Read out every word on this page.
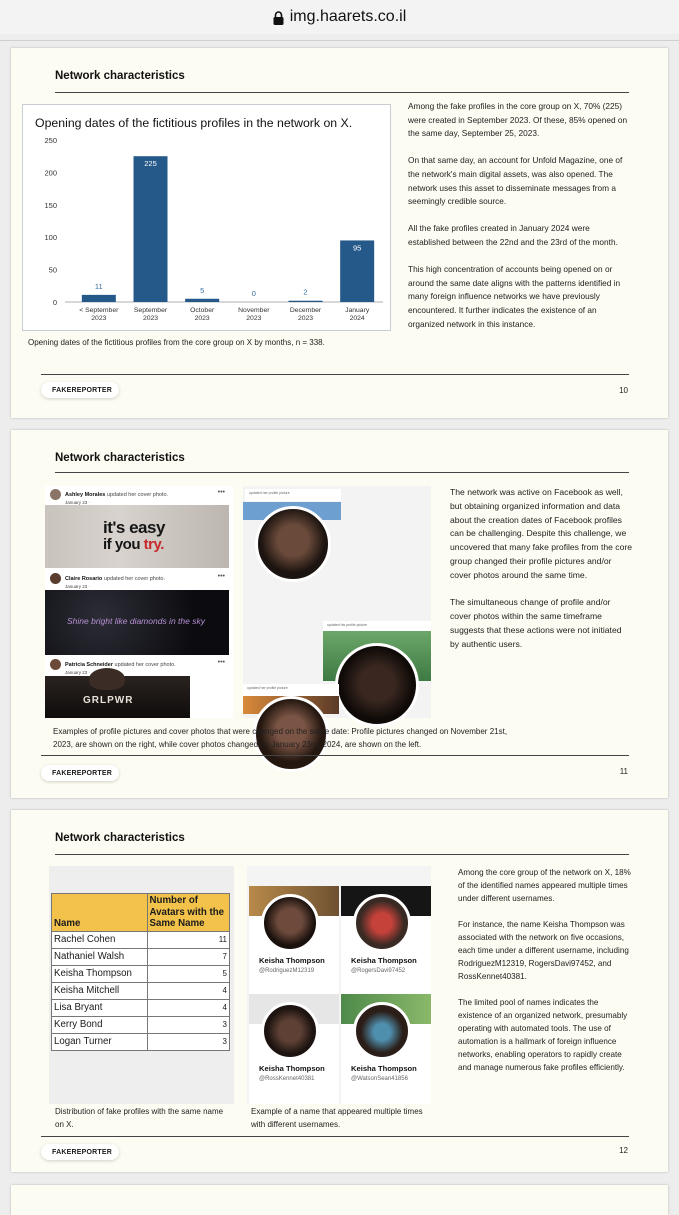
img.haarets.co.il
Network characteristics
Opening dates of the fictitious profiles in the network on X.
0
50
100
150
200
250
11
< September 2023
225
September 2023
5
October 2023
0
November 2023
2
December 2023
95
January 2024
Opening dates of the fictitious profiles from the core group on X by months, n = 338.

Among the fake profiles in the core group on X, 70% (225) were created in September 2023. Of these, 85% opened on the same day, September 25, 2023.

On that same day, an account for Unfold Magazine, one of the network's main digital assets, was also opened. The network uses this asset to disseminate messages from a seemingly credible source.

All the fake profiles created in January 2024 were established between the 22nd and the 23rd of the month.

This high concentration of accounts being opened on or around the same date aligns with the patterns identified in many foreign influence networks we have previously encountered. It further indicates the existence of an organized network in this instance.

FAKE REPORTER	10
Network characteristics
Ashley Morales updated her cover photo.
January 23 ·
•••
it's easy
if you try.
Claire Rosario updated her cover photo.
January 23 ·
•••
Shine bright like diamonds in the sky
Patricia Schneider updated her cover photo.
January 23 ·
•••
GRLPWR
updated her profile picture
updated his profile picture
updated her profile picture

The network was active on Facebook as well, but obtaining organized information and data about the creation dates of Facebook profiles can be challenging. Despite this challenge, we uncovered that many fake profiles from the core group changed their profile pictures and/or cover photos around the same time.

The simultaneous change of profile and/or cover photos within the same timeframe suggests that these actions were not initiated by authentic users.

Examples of profile pictures and cover photos that were changed on the same date: Profile pictures changed on November 21st, 2023, are shown on the right, while cover photos changed on January 23rd, 2024, are shown on the left.
FAKE REPORTER	11
Network characteristics
Name	Number of Avatars with the Same Name
Rachel Cohen	11
Nathaniel Walsh	7
Keisha Thompson	5
Keisha Mitchell	4
Lisa Bryant	4
Kerry Bond	3
Logan Turner	3
Distribution of fake profiles with the same name on X.
Keisha Thompson
@RodriguezM12319
Keisha Thompson
@RogersDavi97452
Keisha Thompson
@RossKennet40381
Keisha Thompson
@WatsonSean41856
Example of a name that appeared multiple times with different usernames.

Among the core group of the network on X, 18% of the identified names appeared multiple times under different usernames.

For instance, the name Keisha Thompson was associated with the network on five occasions, each time under a different username, including RodriguezM12319, RogersDavi97452, and RossKennet40381.

The limited pool of names indicates the existence of an organized network, presumably operating with automated tools. The use of automation is a hallmark of foreign influence networks, enabling operators to rapidly create and manage numerous fake profiles efficiently.

FAKE REPORTER	12
